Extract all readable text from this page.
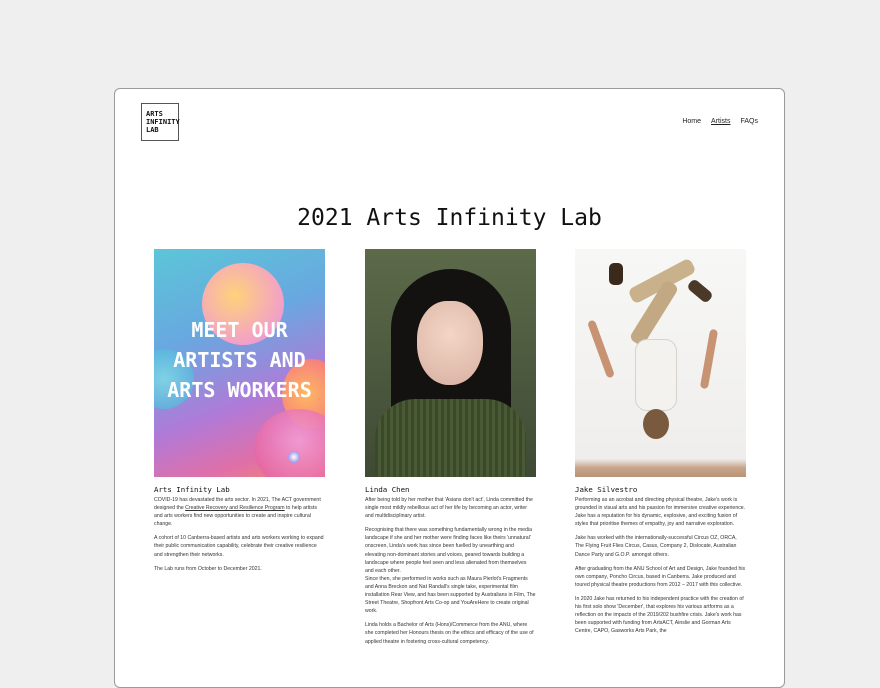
ARTS
INFINITY
LAB
Home Artists FAQs
2021 Arts Infinity Lab
MEET OUR
ARTISTS AND
ARTS WORKERS
Arts Infinity Lab

COVID-19 has devastated the arts sector. In 2021, The ACT government designed the Creative Recovery and Resilience Program to help artists and arts workers find new opportunities to create and inspire cultural change.

A cohort of 10 Canberra-based artists and arts workers working to expand their public communication capability, celebrate their creative resilience and strengthen their networks.

The Lab runs from October to December 2021.

Linda Chen

After being told by her mother that 'Asians don't act', Linda committed the single most mildly rebellious act of her life by becoming an actor, writer and multidisciplinary artist.

Recognising that there was something fundamentally wrong in the media landscape if she and her mother were finding faces like theirs 'unnatural' onscreen, Linda's work has since been fuelled by unearthing and elevating non-dominant stories and voices, geared towards building a landscape where people feel seen and less alienated from themselves and each other.

Since then, she performed in works such as Maura Pierlot's Fragments and Anna Breckon and Nat Randall's single take, experimental film installation Rear View, and has been supported by Australians in Film, The Street Theatre, Shopfront Arts Co-op and YouAreHere to create original work.

Linda holds a Bachelor of Arts (Hons)/Commerce from the ANU, where she completed her Honours thesis on the ethics and efficacy of the use of applied theatre in fostering cross-cultural competency.

Jake Silvestro

Performing as an acrobat and directing physical theatre, Jake's work is grounded in visual arts and his passion for immersive creative experience. Jake has a reputation for his dynamic, explosive, and exciting fusion of styles that prioritise themes of empathy, joy and narrative exploration.

Jake has worked with the internationally-successful Circus OZ, ORCA, The Flying Fruit Flies Circus, Casus, Company 2, Dislocate, Australian Dance Party and G.O.P. amongst others.

After graduating from the ANU School of Art and Design, Jake founded his own company, Poncho Circus, based in Canberra. Jake produced and toured physical theatre productions from 2012 – 2017 with this collective.

In 2020 Jake has returned to his independent practice with the creation of his first solo show 'December', that explores his various artforms as a reflection on the impacts of the 2019/202 bushfire crisis. Jake's work has been supported with funding from ArtsACT, Ainslie and Gorman Arts Centre, CAPO, Gasworks Arts Park, the
